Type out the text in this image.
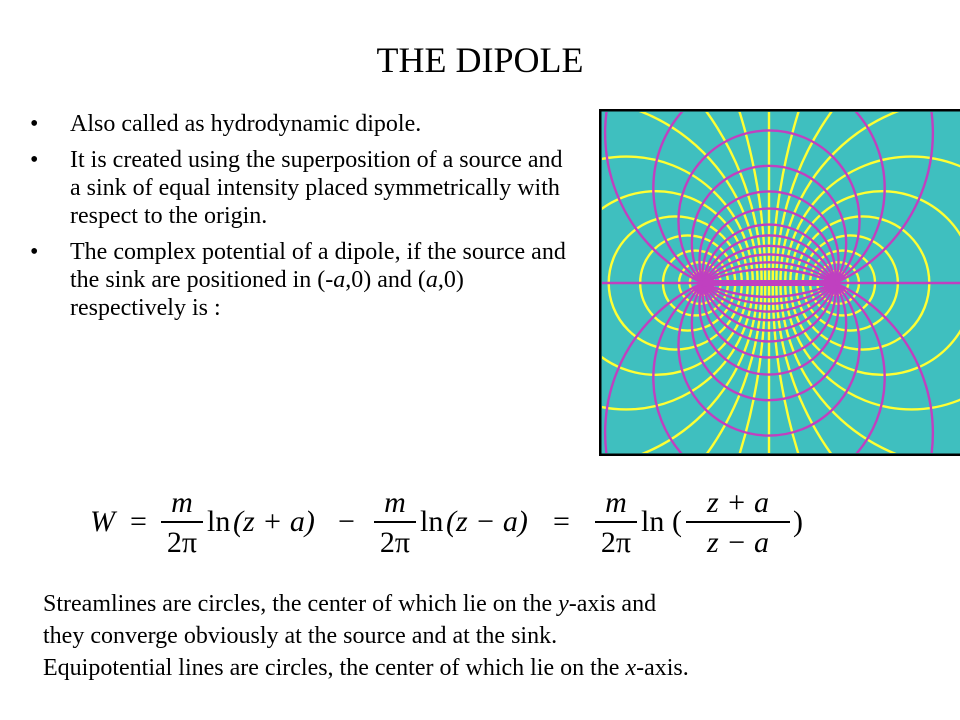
THE DIPOLE
• Also called as hydrodynamic dipole.
• It is created using the superposition of a source and a sink of equal intensity placed symmetrically with respect to the origin.
• The complex potential of a dipole, if the source and the sink are positioned in (-a,0) and (a,0) respectively is :
W =
m
2π
ln (z + a) −
m
2π
ln (z − a) =
m
2π
ln (
z + a
z − a
)

Streamlines are circles, the center of which lie on the y-axis and

they converge obviously at the source and at the sink.

Equipotential lines are circles, the center of which lie on the x-axis.
